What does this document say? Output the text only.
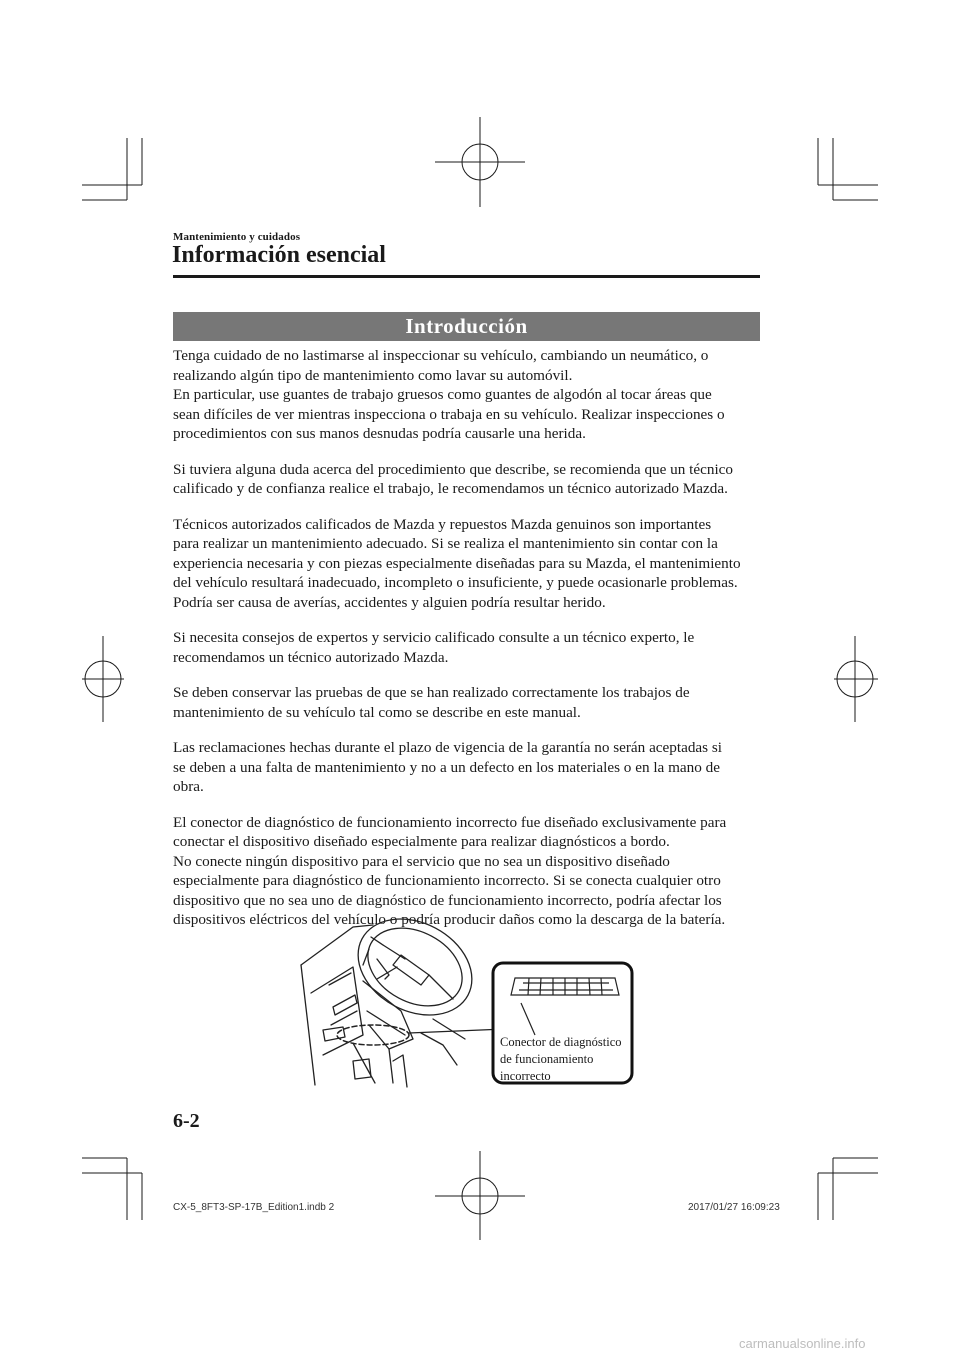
Mantenimiento y cuidados
Información esencial
Introducción

Tenga cuidado de no lastimarse al inspeccionar su vehículo, cambiando un neumático, o
realizando algún tipo de mantenimiento como lavar su automóvil.
En particular, use guantes de trabajo gruesos como guantes de algodón al tocar áreas que
sean difíciles de ver mientras inspecciona o trabaja en su vehículo. Realizar inspecciones o
procedimientos con sus manos desnudas podría causarle una herida.

Si tuviera alguna duda acerca del procedimiento que describe, se recomienda que un técnico
calificado y de confianza realice el trabajo, le recomendamos un técnico autorizado Mazda.

Técnicos autorizados calificados de Mazda y repuestos Mazda genuinos son importantes
para realizar un mantenimiento adecuado. Si se realiza el mantenimiento sin contar con la
experiencia necesaria y con piezas especialmente diseñadas para su Mazda, el mantenimiento
del vehículo resultará inadecuado, incompleto o insuficiente, y puede ocasionarle problemas.
Podría ser causa de averías, accidentes y alguien podría resultar herido.

Si necesita consejos de expertos y servicio calificado consulte a un técnico experto, le
recomendamos un técnico autorizado Mazda.

Se deben conservar las pruebas de que se han realizado correctamente los trabajos de
mantenimiento de su vehículo tal como se describe en este manual.

Las reclamaciones hechas durante el plazo de vigencia de la garantía no serán aceptadas si
se deben a una falta de mantenimiento y no a un defecto en los materiales o en la mano de
obra.

El conector de diagnóstico de funcionamiento incorrecto fue diseñado exclusivamente para
conectar el dispositivo diseñado especialmente para realizar diagnósticos a bordo.
No conecte ningún dispositivo para el servicio que no sea un dispositivo diseñado
especialmente para diagnóstico de funcionamiento incorrecto. Si se conecta cualquier otro
dispositivo que no sea uno de diagnóstico de funcionamiento incorrecto, podría afectar los
dispositivos eléctricos del vehículo o podría producir daños como la descarga de la batería.

Conector de diagnóstico
de funcionamiento
incorrecto
6-2
CX-5_8FT3-SP-17B_Edition1.indb 2	2017/01/27 16:09:23
carmanualsonline.info
